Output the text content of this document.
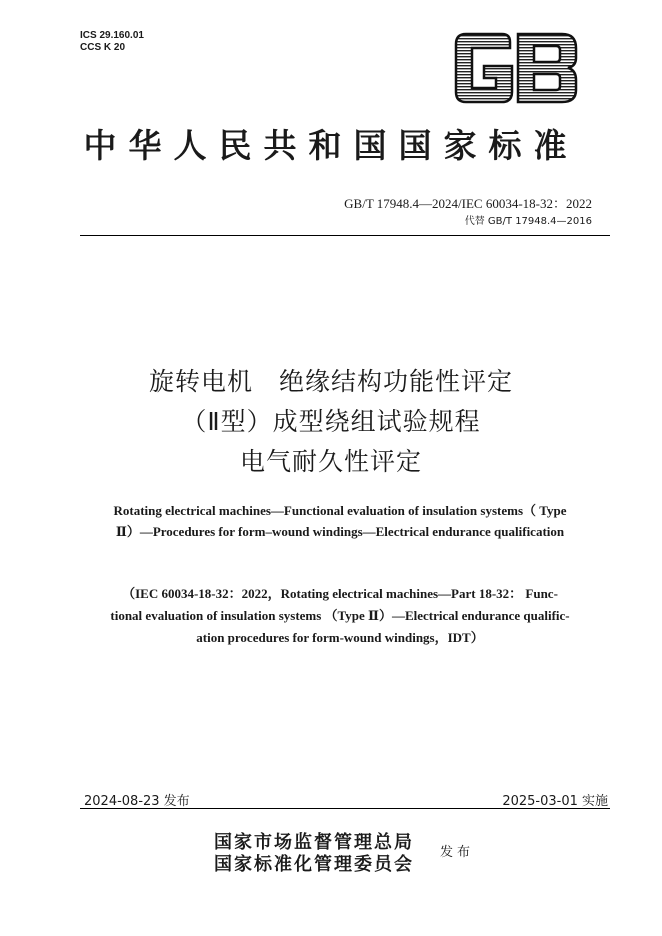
ICS 29.160.01
CCS K 20
中华人民共和国国家标准
GB/T 17948.4—2024/IEC 60034-18-32：2022
代替 GB/T 17948.4—2016
旋转电机　绝缘结构功能性评定
（Ⅱ型）成型绕组试验规程
电气耐久性评定
Rotating electrical machines—Functional evaluation of insulation systems（ Type
Ⅱ）—Procedures for form–wound windings—Electrical endurance qualification
（IEC 60034-18-32：2022，Rotating electrical machines—Part 18-32： Func-
tional evaluation of insulation systems （Type Ⅱ）—Electrical endurance qualific-
ation procedures for form-wound windings，IDT）
2024-08-23 发布	2025-03-01 实施
国家市场监督管理总局
国家标准化管理委员会
发布
